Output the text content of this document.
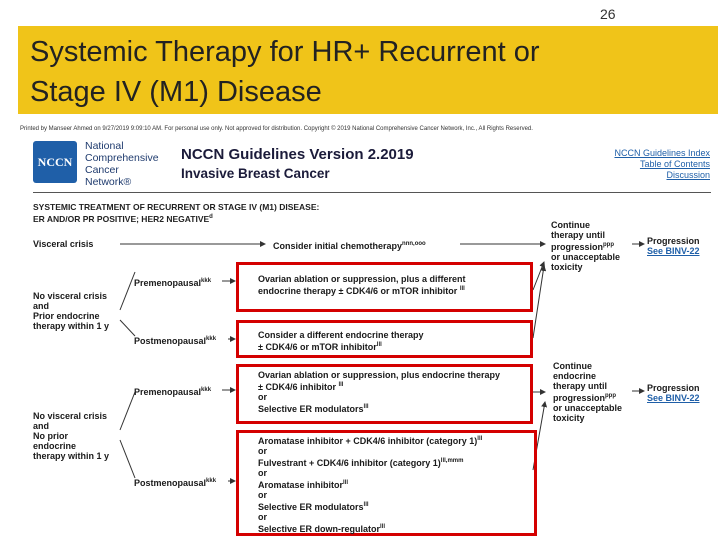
26
Systemic Therapy for HR+ Recurrent or
Stage IV (M1) Disease
Printed by Manseer Ahmed on 9/27/2019 9:09:10 AM. For personal use only. Not approved for distribution. Copyright © 2019 National Comprehensive Cancer Network, Inc., All Rights Reserved.
NCCN
National
Comprehensive
Cancer
Network®
NCCN Guidelines Version 2.2019
Invasive Breast Cancer
NCCN Guidelines Index
Table of Contents
Discussion
SYSTEMIC TREATMENT OF RECURRENT OR STAGE IV (M1) DISEASE:
ER AND/OR PR POSITIVE; HER2 NEGATIVE$^d$
Visceral crisis	Consider initial chemotherapy$^{nnn,ooo}$
No visceral crisis
and
Prior endocrine
therapy within 1 y
No visceral crisis
and
No prior
endocrine
therapy within 1 y
Premenopausal$^{kkk}$
Postmenopausal$^{kkk}$
Premenopausal$^{kkk}$
Postmenopausal$^{kkk}$
Ovarian ablation or suppression, plus a different
endocrine therapy ± CDK4/6 or mTOR inhibitor $^{lll}$
Consider a different endocrine therapy
± CDK4/6 or mTOR inhibitor$^{lll}$
Ovarian ablation or suppression, plus endocrine therapy
± CDK4/6 inhibitor $^{lll}$
or
Selective ER modulators$^{lll}$
Aromatase inhibitor + CDK4/6 inhibitor (category 1)$^{lll}$
or
Fulvestrant + CDK4/6 inhibitor (category 1)$^{lll,mmm}$
or
Aromatase inhibitor$^{lll}$
or
Selective ER modulators$^{lll}$
or
Selective ER down-regulator$^{lll}$
Continue
therapy until
progression$^{ppp}$
or unacceptable
toxicity
Continue
endocrine
therapy until
progression$^{ppp}$
or unacceptable
toxicity
Progression
See BINV-22
Progression
See BINV-22
